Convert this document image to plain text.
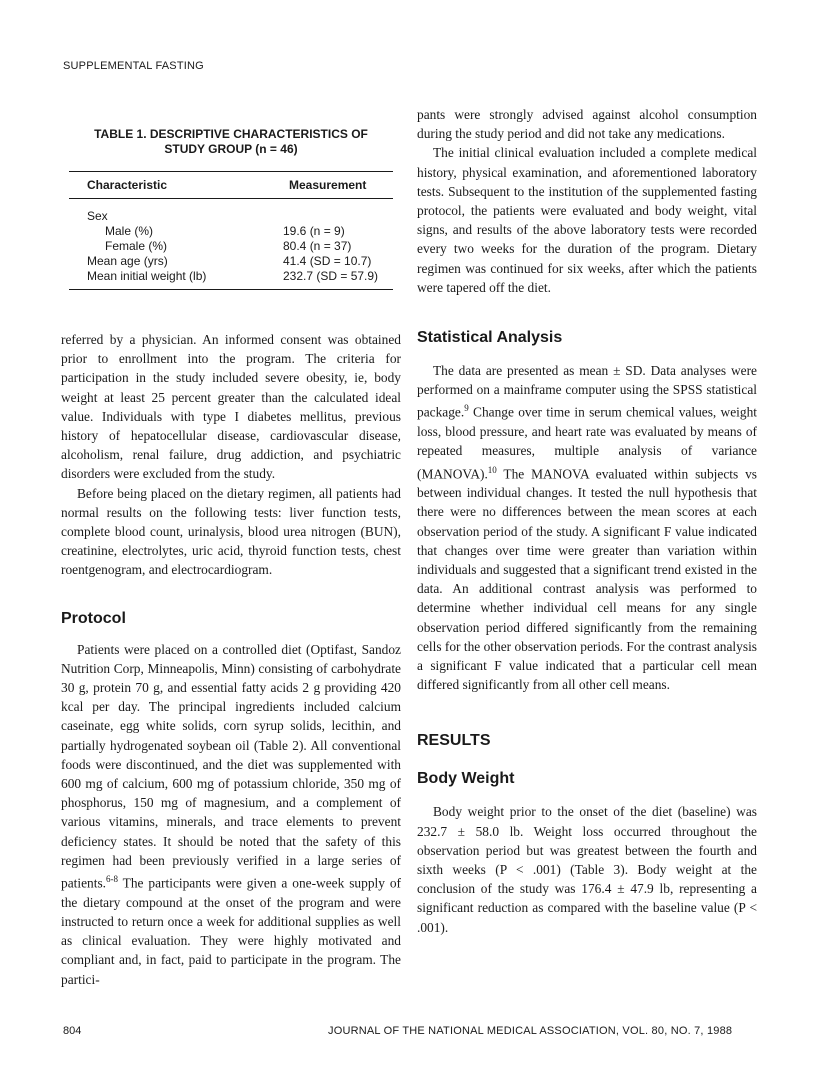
SUPPLEMENTAL FASTING

TABLE 1. DESCRIPTIVE CHARACTERISTICS OF
STUDY GROUP (n = 46)

Characteristic	Measurement
Sex	
Male (%)	19.6 (n = 9)
Female (%)	80.4 (n = 37)
Mean age (yrs)	41.4 (SD = 10.7)
Mean initial weight (lb)	232.7 (SD = 57.9)

referred by a physician. An informed consent was obtained prior to enrollment into the program. The criteria for participation in the study included severe obesity, ie, body weight at least 25 percent greater than the calculated ideal value. Individuals with type I diabetes mellitus, previous history of hepatocellular disease, cardiovascular disease, alcoholism, renal failure, drug addiction, and psychiatric disorders were excluded from the study.

Before being placed on the dietary regimen, all patients had normal results on the following tests: liver function tests, complete blood count, urinalysis, blood urea nitrogen (BUN), creatinine, electrolytes, uric acid, thyroid function tests, chest roentgenogram, and electrocardiogram.

Protocol

Patients were placed on a controlled diet (Optifast, Sandoz Nutrition Corp, Minneapolis, Minn) consisting of carbohydrate 30 g, protein 70 g, and essential fatty acids 2 g providing 420 kcal per day. The principal ingredients included calcium caseinate, egg white solids, corn syrup solids, lecithin, and partially hydrogenated soybean oil (Table 2). All conventional foods were discontinued, and the diet was supplemented with 600 mg of calcium, 600 mg of potassium chloride, 350 mg of phosphorus, 150 mg of magnesium, and a complement of various vitamins, minerals, and trace elements to prevent deficiency states. It should be noted that the safety of this regimen had been previously verified in a large series of patients.$^{6-8}$ The participants were given a one-week supply of the dietary compound at the onset of the program and were instructed to return once a week for additional supplies as well as clinical evaluation. They were highly motivated and compliant and, in fact, paid to participate in the program. The partici-

pants were strongly advised against alcohol consumption during the study period and did not take any medications.

The initial clinical evaluation included a complete medical history, physical examination, and aforementioned laboratory tests. Subsequent to the institution of the supplemented fasting protocol, the patients were evaluated and body weight, vital signs, and results of the above laboratory tests were recorded every two weeks for the duration of the program. Dietary regimen was continued for six weeks, after which the patients were tapered off the diet.

Statistical Analysis

The data are presented as mean ± SD. Data analyses were performed on a mainframe computer using the SPSS statistical package.$^9$ Change over time in serum chemical values, weight loss, blood pressure, and heart rate was evaluated by means of repeated measures, multiple analysis of variance (MANOVA).$^{10}$ The MANOVA evaluated within subjects vs between individual changes. It tested the null hypothesis that there were no differences between the mean scores at each observation period of the study. A significant F value indicated that changes over time were greater than variation within individuals and suggested that a significant trend existed in the data. An additional contrast analysis was performed to determine whether individual cell means for any single observation period differed significantly from the remaining cells for the other observation periods. For the contrast analysis a significant F value indicated that a particular cell mean differed significantly from all other cell means.

RESULTS
Body Weight

Body weight prior to the onset of the diet (baseline) was 232.7 ± 58.0 lb. Weight loss occurred throughout the observation period but was greatest between the fourth and sixth weeks (P < .001) (Table 3). Body weight at the conclusion of the study was 176.4 ± 47.9 lb, representing a significant reduction as compared with the baseline value (P < .001).

804	JOURNAL OF THE NATIONAL MEDICAL ASSOCIATION, VOL. 80, NO. 7, 1988
